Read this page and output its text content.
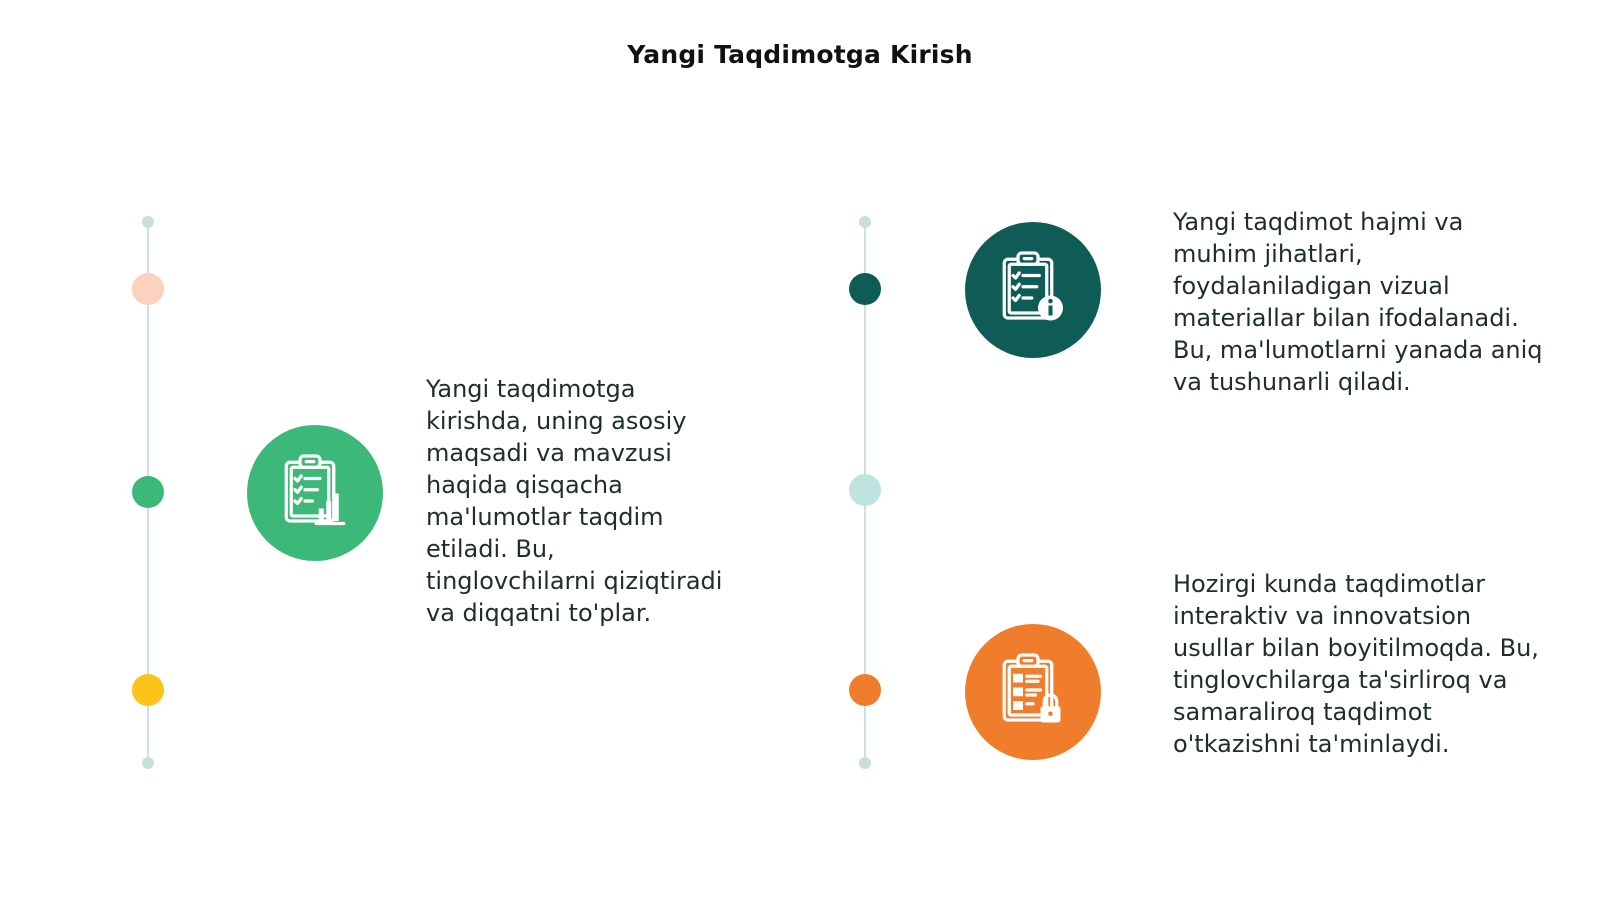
Yangi Taqdimotga Kirish
Yangi taqdimotga kirishda, uning asosiy maqsadi va mavzusi haqida qisqacha ma'lumotlar taqdim etiladi. Bu, tinglovchilarni qiziqtiradi va diqqatni to'plar.
Yangi taqdimot hajmi va muhim jihatlari, foydalaniladigan vizual materiallar bilan ifodalanadi. Bu, ma'lumotlarni yanada aniq va tushunarli qiladi.
Hozirgi kunda taqdimotlar interaktiv va innovatsion usullar bilan boyitilmoqda. Bu, tinglovchilarga ta'sirliroq va samaraliroq taqdimot o'tkazishni ta'minlaydi.
